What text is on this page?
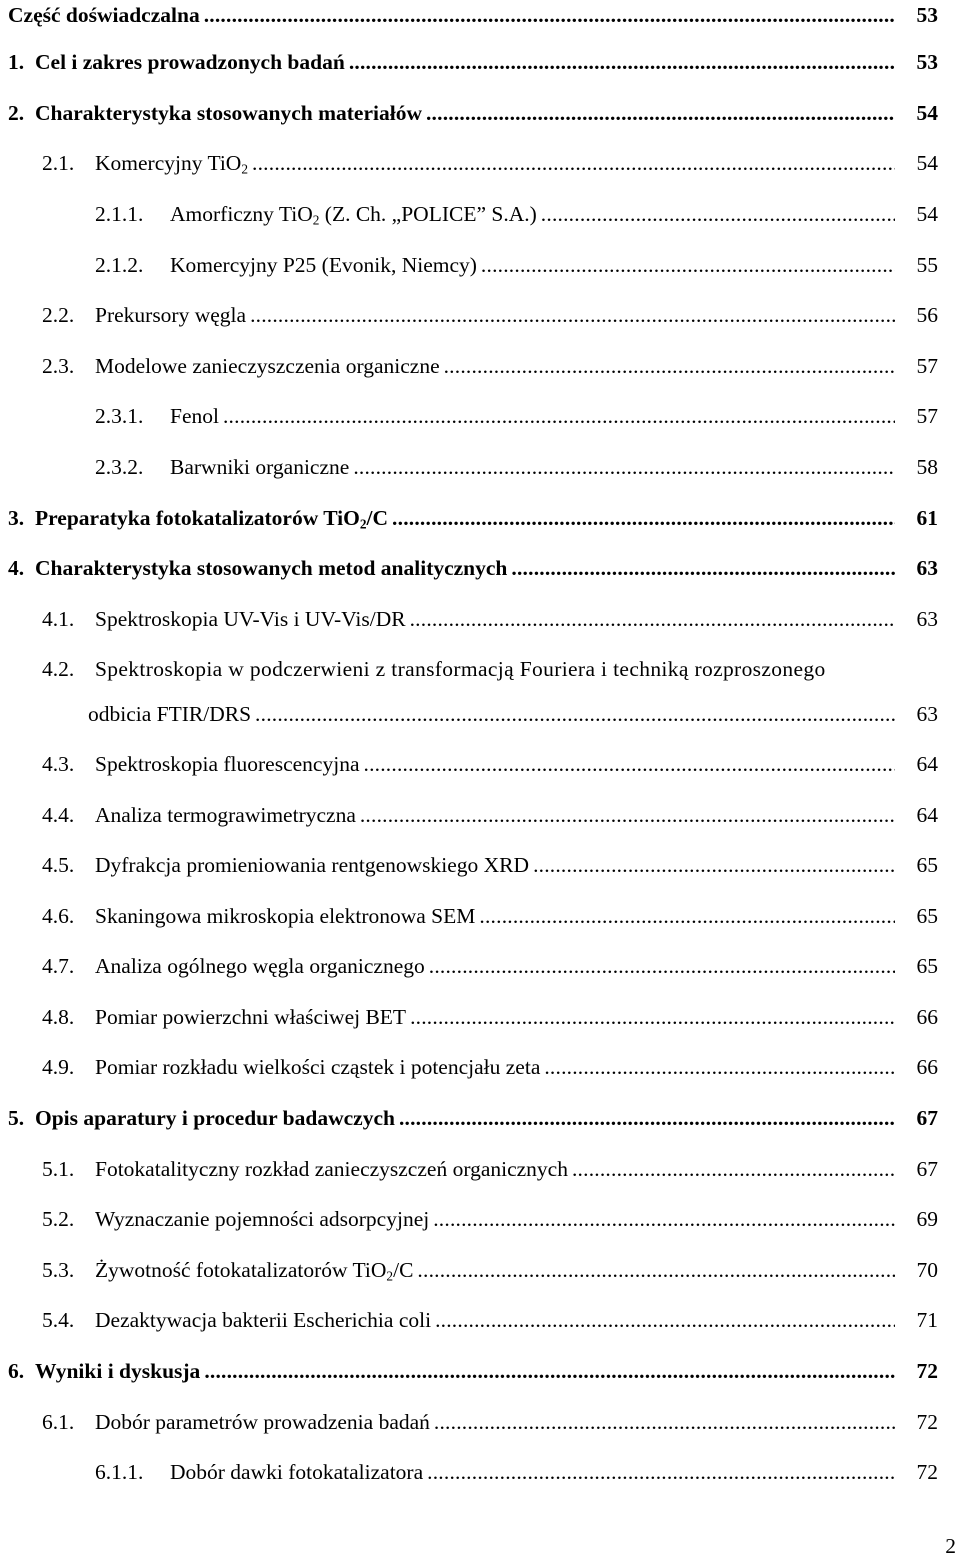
Część doświadczalna .....	53
1. Cel i zakres prowadzonych badań .....	53
2. Charakterystyka stosowanych materiałów .....	54
2.1. Komercyjny TiO$_2$ .....	54
2.1.1. Amorficzny TiO$_2$ (Z. Ch. „POLICE” S.A.) .....	54
2.1.2. Komercyjny P25 (Evonik, Niemcy) .....	55
2.2. Prekursory węgla .....	56
2.3. Modelowe zanieczyszczenia organiczne .....	57
2.3.1. Fenol .....	57
2.3.2. Barwniki organiczne .....	58
3. Preparatyka fotokatalizatorów TiO$_2$/C .....	61
4. Charakterystyka stosowanych metod analitycznych .....	63
4.1. Spektroskopia UV-Vis i UV-Vis/DR .....	63
4.2. Spektroskopia w podczerwieni z transformacją Fouriera i techniką rozproszonego
odbicia FTIR/DRS .....	63
4.3. Spektroskopia fluorescencyjna .....	64
4.4. Analiza termograwimetryczna .....	64
4.5. Dyfrakcja promieniowania rentgenowskiego XRD .....	65
4.6. Skaningowa mikroskopia elektronowa SEM .....	65
4.7. Analiza ogólnego węgla organicznego .....	65
4.8. Pomiar powierzchni właściwej BET .....	66
4.9. Pomiar rozkładu wielkości cząstek i potencjału zeta .....	66
5. Opis aparatury i procedur badawczych .....	67
5.1. Fotokatalityczny rozkład zanieczyszczeń organicznych .....	67
5.2. Wyznaczanie pojemności adsorpcyjnej .....	69
5.3. Żywotność fotokatalizatorów TiO$_2$/C .....	70
5.4. Dezaktywacja bakterii Escherichia coli .....	71
6. Wyniki i dyskusja .....	72
6.1. Dobór parametrów prowadzenia badań .....	72
6.1.1. Dobór dawki fotokatalizatora .....	72
2
